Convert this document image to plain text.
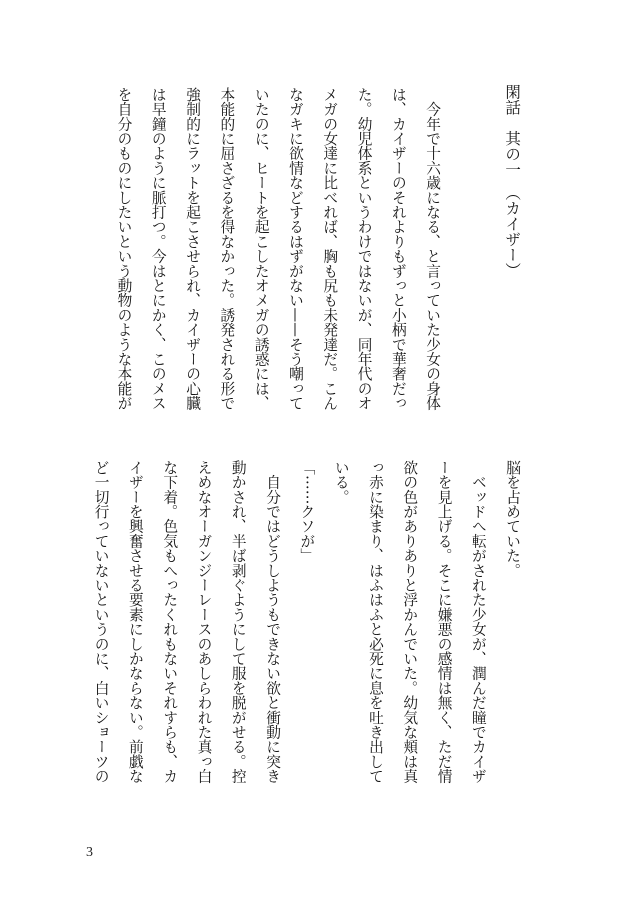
閑話　其の一　（カイザー）

　今年で十六歳になる、と言っていた少女の身体

は、カイザーのそれよりもずっと小柄で華奢だっ

た。幼児体系というわけではないが、同年代のオ

メガの女達に比べれば、胸も尻も未発達だ。こん

なガキに欲情などするはずがない——そう嘲って

いたのに、ヒートを起こしたオメガの誘惑には、

本能的に屈さざるを得なかった。誘発される形で

強制的にラットを起こさせられ、カイザーの心臓

は早鐘のように脈打つ。今はとにかく、このメス

を自分のものにしたいという動物のような本能が

脳を占めていた。

　ベッドへ転がされた少女が、潤んだ瞳でカイザ

ーを見上げる。そこに嫌悪の感情は無く、ただ情

欲の色がありありと浮かんでいた。幼気な頬は真

っ赤に染まり、はふはふと必死に息を吐き出して

いる。

「……クソが」

　自分ではどうしようもできない欲と衝動に突き

動かされ、半ば剥ぐようにして服を脱がせる。控

えめなオーガンジーレースのあしらわれた真っ白

な下着。色気もへったくれもないそれすらも、カ

イザーを興奮させる要素にしかならない。前戯な

ど一切行っていないというのに、白いショーツの

3
